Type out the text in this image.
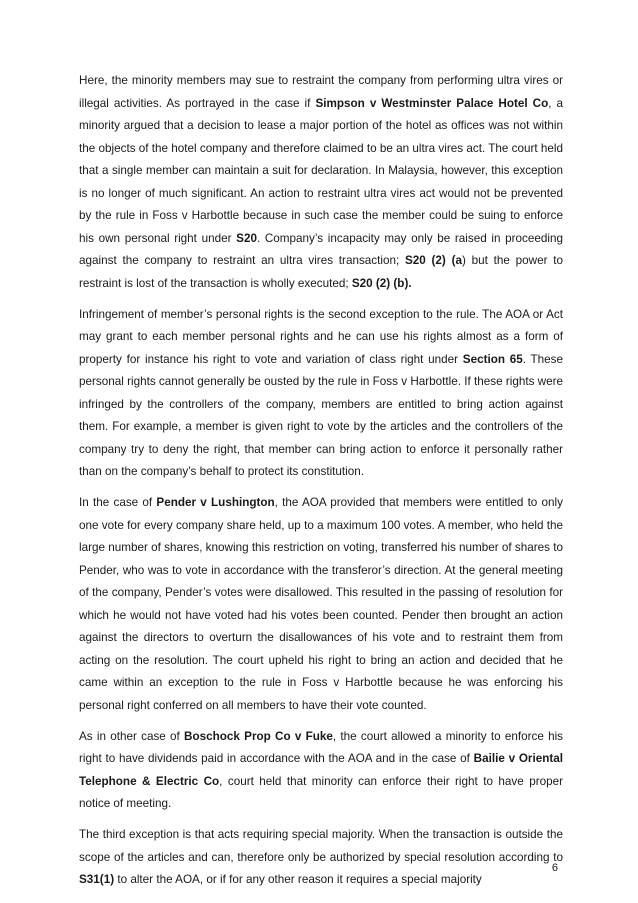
Here, the minority members may sue to restraint the company from performing ultra vires or illegal activities. As portrayed in the case if Simpson v Westminster Palace Hotel Co, a minority argued that a decision to lease a major portion of the hotel as offices was not within the objects of the hotel company and therefore claimed to be an ultra vires act. The court held that a single member can maintain a suit for declaration. In Malaysia, however, this exception is no longer of much significant. An action to restraint ultra vires act would not be prevented by the rule in Foss v Harbottle because in such case the member could be suing to enforce his own personal right under S20. Company’s incapacity may only be raised in proceeding against the company to restraint an ultra vires transaction; S20 (2) (a) but the power to restraint is lost of the transaction is wholly executed; S20 (2) (b).

Infringement of member’s personal rights is the second exception to the rule. The AOA or Act may grant to each member personal rights and he can use his rights almost as a form of property for instance his right to vote and variation of class right under Section 65. These personal rights cannot generally be ousted by the rule in Foss v Harbottle. If these rights were infringed by the controllers of the company, members are entitled to bring action against them. For example, a member is given right to vote by the articles and the controllers of the company try to deny the right, that member can bring action to enforce it personally rather than on the company’s behalf to protect its constitution.

In the case of Pender v Lushington, the AOA provided that members were entitled to only one vote for every company share held, up to a maximum 100 votes. A member, who held the large number of shares, knowing this restriction on voting, transferred his number of shares to Pender, who was to vote in accordance with the transferor’s direction. At the general meeting of the company, Pender’s votes were disallowed. This resulted in the passing of resolution for which he would not have voted had his votes been counted. Pender then brought an action against the directors to overturn the disallowances of his vote and to restraint them from acting on the resolution. The court upheld his right to bring an action and decided that he came within an exception to the rule in Foss v Harbottle because he was enforcing his personal right conferred on all members to have their vote counted.

As in other case of Boschock Prop Co v Fuke, the court allowed a minority to enforce his right to have dividends paid in accordance with the AOA and in the case of Bailie v Oriental Telephone & Electric Co, court held that minority can enforce their right to have proper notice of meeting.

The third exception is that acts requiring special majority. When the transaction is outside the scope of the articles and can, therefore only be authorized by special resolution according to S31(1) to alter the AOA, or if for any other reason it requires a special majority

6
